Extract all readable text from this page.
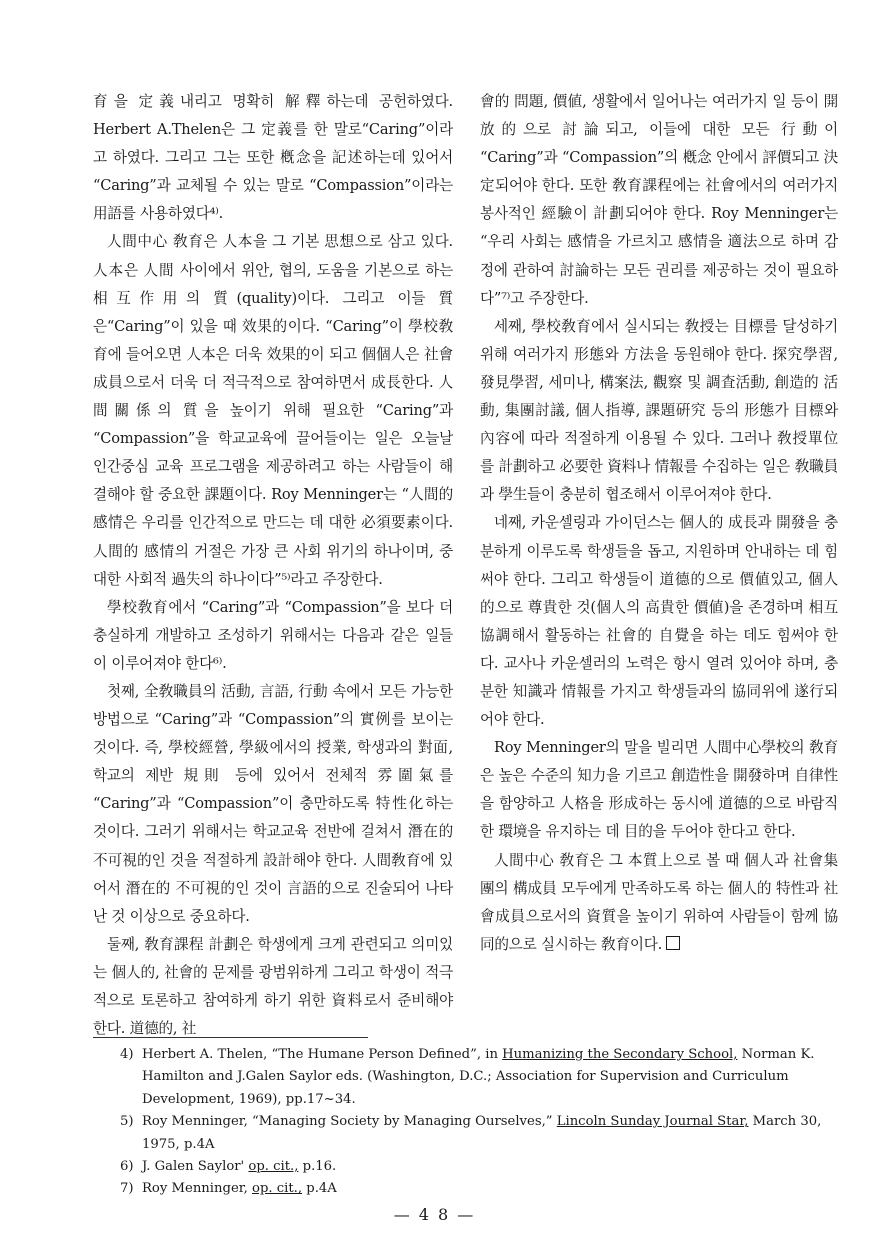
育을 定義내리고 명확히 解釋하는데 공헌하였다. Herbert A.Thelen은 그 定義를 한 말로“Caring”이라고 하였다. 그리고 그는 또한 槪念을 記述하는데 있어서 “Caring”과 교체될 수 있는 말로 “Compassion”이라는 用語를 사용하였다⁴⁾.

人間中心 敎育은 人本을 그 기본 思想으로 삼고 있다. 人本은 人間 사이에서 위안, 협의, 도움을 기본으로 하는 相互作用의 質(quality)이다. 그리고 이들 質은“Caring”이 있을 때 效果的이다. “Caring”이 學校敎育에 들어오면 人本은 더욱 效果的이 되고 個個人은 社會成員으로서 더욱 더 적극적으로 참여하면서 成長한다. 人間關係의 質을 높이기 위해 필요한 “Caring”과 “Compassion”을 학교교육에 끌어들이는 일은 오늘날 인간중심 교육 프로그램을 제공하려고 하는 사람들이 해결해야 할 중요한 課題이다. Roy Menninger는 “人間的 感情은 우리를 인간적으로 만드는 데 대한 必須要素이다. 人間的 感情의 거절은 가장 큰 사회 위기의 하나이며, 중대한 사회적 過失의 하나이다”⁵⁾라고 주장한다.

學校敎育에서 “Caring”과 “Compassion”을 보다 더 충실하게 개발하고 조성하기 위해서는 다음과 같은 일들이 이루어져야 한다⁶⁾.

첫째, 全敎職員의 活動, 言語, 行動 속에서 모든 가능한 방법으로 “Caring”과 “Compassion”의 實例를 보이는 것이다. 즉, 學校經營, 學級에서의 授業, 학생과의 對面, 학교의 제반 規則 등에 있어서 전체적 雰圍氣를 “Caring”과 “Compassion”이 충만하도록 特性化하는 것이다. 그러기 위해서는 학교교육 전반에 걸쳐서 潛在的 不可視的인 것을 적절하게 設計해야 한다. 人間敎育에 있어서 潛在的 不可視的인 것이 言語的으로 진술되어 나타난 것 이상으로 중요하다.

둘째, 敎育課程 計劃은 학생에게 크게 관련되고 의미있는 個人的, 社會的 문제를 광범위하게 그리고 학생이 적극적으로 토론하고 참여하게 하기 위한 資料로서 준비해야 한다. 道德的, 社

會的 問題, 價値, 생활에서 일어나는 여러가지 일 등이 開放的으로 討論되고, 이들에 대한 모든 行動이 “Caring”과 “Compassion”의 槪念 안에서 評價되고 決定되어야 한다. 또한 敎育課程에는 社會에서의 여러가지 봉사적인 經驗이 計劃되어야 한다. Roy Menninger는 “우리 사회는 感情을 가르치고 感情을 適法으로 하며 감정에 관하여 討論하는 모든 권리를 제공하는 것이 필요하다”⁷⁾고 주장한다.

세째, 學校敎育에서 실시되는 敎授는 目標를 달성하기 위해 여러가지 形態와 方法을 동원해야 한다. 探究學習, 發見學習, 세미나, 構案法, 觀察 및 調査活動, 創造的 活動, 集團討議, 個人指導, 課題硏究 등의 形態가 目標와 內容에 따라 적절하게 이용될 수 있다. 그러나 敎授單位를 計劃하고 必要한 資料나 情報를 수집하는 일은 敎職員과 學生들이 충분히 협조해서 이루어져야 한다.

네째, 카운셀링과 가이던스는 個人的 成長과 開發을 충분하게 이루도록 학생들을 돕고, 지원하며 안내하는 데 힘써야 한다. 그리고 학생들이 道德的으로 價値있고, 個人的으로 尊貴한 것(個人의 高貴한 價値)을 존경하며 相互協調해서 활동하는 社會的 自覺을 하는 데도 힘써야 한다. 교사나 카운셀러의 노력은 항시 열려 있어야 하며, 충분한 知識과 情報를 가지고 학생들과의 協同위에 遂行되어야 한다.

Roy Menninger의 말을 빌리면 人間中心學校의 敎育은 높은 수준의 知力을 기르고 創造性을 開發하며 自律性을 함양하고 人格을 形成하는 동시에 道德的으로 바람직한 環境을 유지하는 데 目的을 두어야 한다고 한다.

人間中心 敎育은 그 本質上으로 볼 때 個人과 社會集團의 構成員 모두에게 만족하도록 하는 個人的 特性과 社會成員으로서의 資質을 높이기 위하여 사람들이 함께 協同的으로 실시하는 敎育이다.

4) Herbert A. Thelen, “The Humane Person Defined”, in Humanizing the Secondary School, Norman K. Hamilton and J.Galen Saylor eds. (Washington, D.C.; Association for Supervision and Curriculum Development, 1969), pp.17~34.
5) Roy Menninger, “Managing Society by Managing Ourselves,” Lincoln Sunday Journal Star, March 30, 1975, p.4A
6) J. Galen Saylor' op. cit., p.16.
7) Roy Menninger, op. cit., p.4A
— 4 8 —
